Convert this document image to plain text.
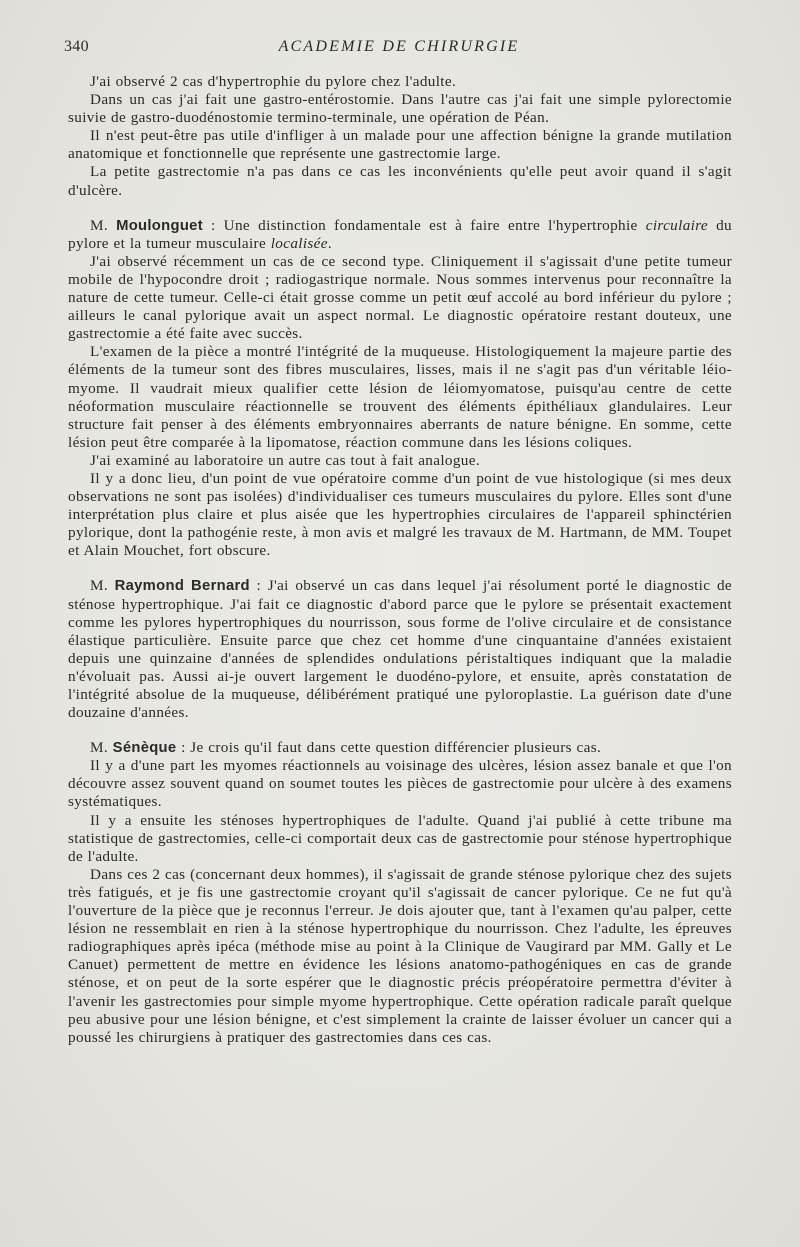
340	ACADEMIE DE CHIRURGIE

J'ai observé 2 cas d'hypertrophie du pylore chez l'adulte.

Dans un cas j'ai fait une gastro-entérostomie. Dans l'autre cas j'ai fait une simple pylorectomie suivie de gastro-duodénostomie termino-terminale, une opération de Péan.

Il n'est peut-être pas utile d'infliger à un malade pour une affection bénigne la grande mutilation anatomique et fonctionnelle que représente une gastrectomie large.

La petite gastrectomie n'a pas dans ce cas les inconvénients qu'elle peut avoir quand il s'agit d'ulcère.

M. Moulonguet : Une distinction fondamentale est à faire entre l'hypertrophie circulaire du pylore et la tumeur musculaire localisée.

J'ai observé récemment un cas de ce second type. Cliniquement il s'agissait d'une petite tumeur mobile de l'hypocondre droit ; radiogastrique normale. Nous sommes intervenus pour reconnaître la nature de cette tumeur. Celle-ci était grosse comme un petit œuf accolé au bord inférieur du pylore ; ailleurs le canal pylorique avait un aspect normal. Le diagnostic opératoire restant douteux, une gastrectomie a été faite avec succès.

L'examen de la pièce a montré l'intégrité de la muqueuse. Histologiquement la majeure partie des éléments de la tumeur sont des fibres musculaires, lisses, mais il ne s'agit pas d'un véritable léio-myome. Il vaudrait mieux qualifier cette lésion de léiomyomatose, puisqu'au centre de cette néoformation musculaire réactionnelle se trouvent des éléments épithéliaux glandulaires. Leur structure fait penser à des éléments embryonnaires aberrants de nature bénigne. En somme, cette lésion peut être comparée à la lipomatose, réaction commune dans les lésions coliques.

J'ai examiné au laboratoire un autre cas tout à fait analogue.

Il y a donc lieu, d'un point de vue opératoire comme d'un point de vue histologique (si mes deux observations ne sont pas isolées) d'individualiser ces tumeurs musculaires du pylore. Elles sont d'une interprétation plus claire et plus aisée que les hypertrophies circulaires de l'appareil sphinctérien pylorique, dont la pathogénie reste, à mon avis et malgré les travaux de M. Hartmann, de MM. Toupet et Alain Mouchet, fort obscure.

M. Raymond Bernard : J'ai observé un cas dans lequel j'ai résolument porté le diagnostic de sténose hypertrophique. J'ai fait ce diagnostic d'abord parce que le pylore se présentait exactement comme les pylores hypertrophiques du nourrisson, sous forme de l'olive circulaire et de consistance élastique particulière. Ensuite parce que chez cet homme d'une cinquantaine d'années existaient depuis une quinzaine d'années de splendides ondulations péristaltiques indiquant que la maladie n'évoluait pas. Aussi ai-je ouvert largement le duodéno-pylore, et ensuite, après constatation de l'intégrité absolue de la muqueuse, délibérément pratiqué une pyloroplastie. La guérison date d'une douzaine d'années.

M. Sénèque : Je crois qu'il faut dans cette question différencier plusieurs cas.

Il y a d'une part les myomes réactionnels au voisinage des ulcères, lésion assez banale et que l'on découvre assez souvent quand on soumet toutes les pièces de gastrectomie pour ulcère à des examens systématiques.

Il y a ensuite les sténoses hypertrophiques de l'adulte. Quand j'ai publié à cette tribune ma statistique de gastrectomies, celle-ci comportait deux cas de gastrectomie pour sténose hypertrophique de l'adulte.

Dans ces 2 cas (concernant deux hommes), il s'agissait de grande sténose pylorique chez des sujets très fatigués, et je fis une gastrectomie croyant qu'il s'agissait de cancer pylorique. Ce ne fut qu'à l'ouverture de la pièce que je reconnus l'erreur. Je dois ajouter que, tant à l'examen qu'au palper, cette lésion ne ressemblait en rien à la sténose hypertrophique du nourrisson. Chez l'adulte, les épreuves radiographiques après ipéca (méthode mise au point à la Clinique de Vaugirard par MM. Gally et Le Canuet) permettent de mettre en évidence les lésions anatomo-pathogéniques en cas de grande sténose, et on peut de la sorte espérer que le diagnostic précis préopératoire permettra d'éviter à l'avenir les gastrectomies pour simple myome hypertrophique. Cette opération radicale paraît quelque peu abusive pour une lésion bénigne, et c'est simplement la crainte de laisser évoluer un cancer qui a poussé les chirurgiens à pratiquer des gastrectomies dans ces cas.
